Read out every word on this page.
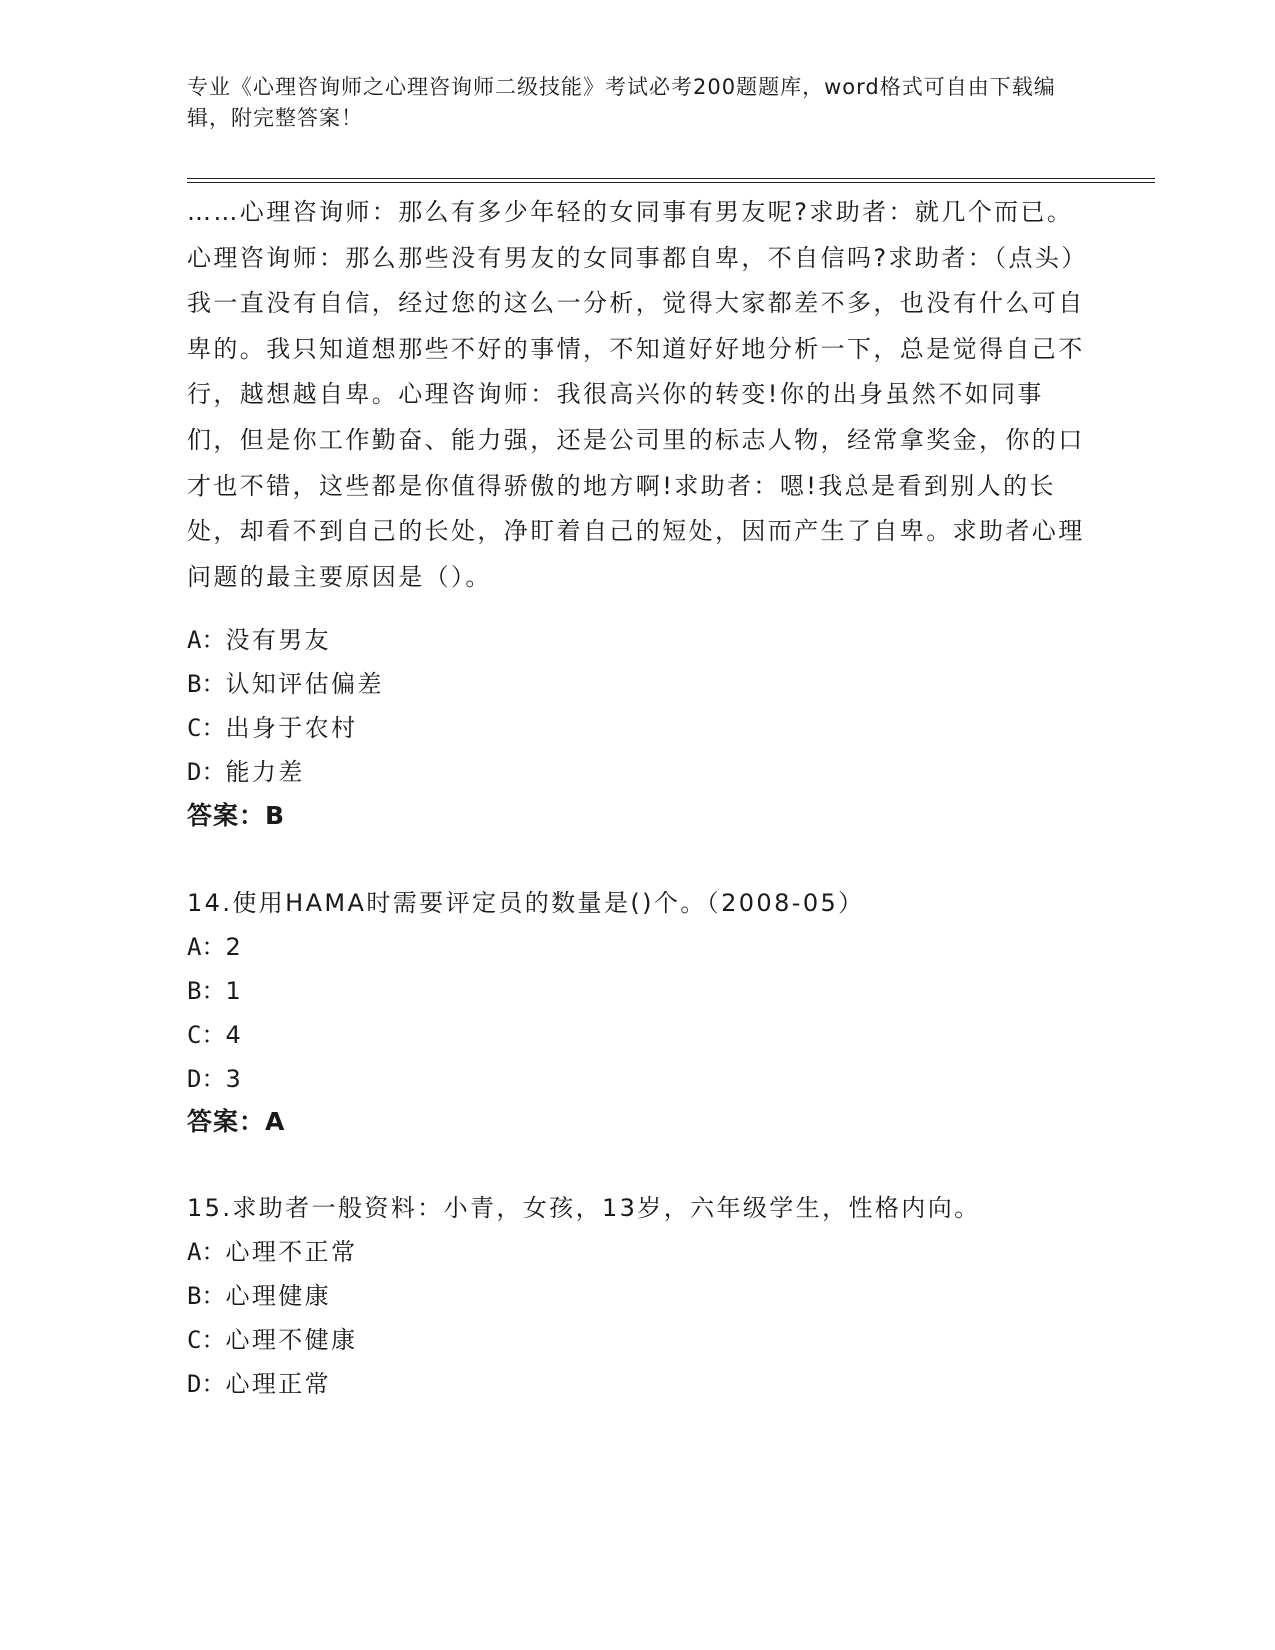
专业《心理咨询师之心理咨询师二级技能》考试必考200题题库，word格式可自由下载编辑，附完整答案！
……心理咨询师：那么有多少年轻的女同事有男友呢?求助者：就几个而已。心理咨询师：那么那些没有男友的女同事都自卑，不自信吗?求助者：（点头）我一直没有自信，经过您的这么一分析，觉得大家都差不多，也没有什么可自卑的。我只知道想那些不好的事情，不知道好好地分析一下，总是觉得自己不行，越想越自卑。心理咨询师：我很高兴你的转变!你的出身虽然不如同事们，但是你工作勤奋、能力强，还是公司里的标志人物，经常拿奖金，你的口才也不错，这些都是你值得骄傲的地方啊!求助者：嗯!我总是看到别人的长处，却看不到自己的长处，净盯着自己的短处，因而产生了自卑。求助者心理问题的最主要原因是（）。
A：没有男友
B：认知评估偏差
C：出身于农村
D：能力差
答案：B
14.使用HAMA时需要评定员的数量是()个。（2008-05）
A：2
B：1
C：4
D：3
答案：A
15.求助者一般资料：小青，女孩，13岁，六年级学生，性格内向。
A：心理不正常
B：心理健康
C：心理不健康
D：心理正常
